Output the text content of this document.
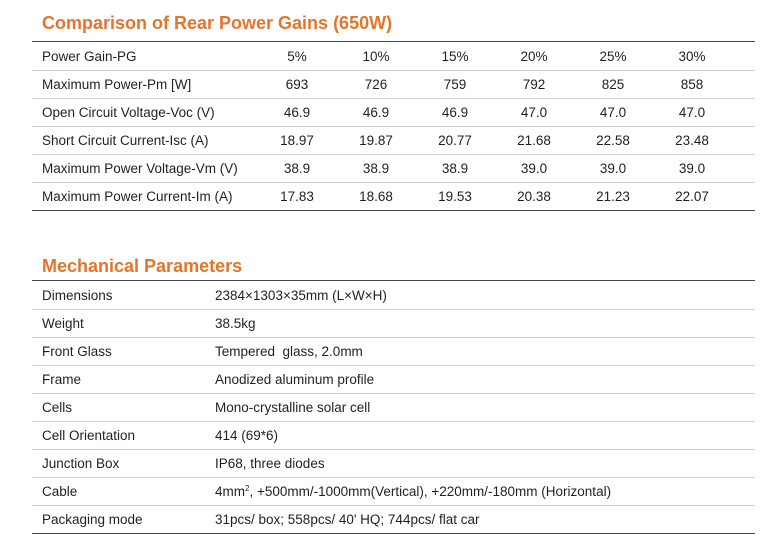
Comparison of Rear Power Gains (650W)
Power Gain-PG	5%	10%	15%	20%	25%	30%
Maximum Power-Pm [W]	693	726	759	792	825	858
Open Circuit Voltage-Voc (V)	46.9	46.9	46.9	47.0	47.0	47.0
Short Circuit Current-Isc (A)	18.97	19.87	20.77	21.68	22.58	23.48
Maximum Power Voltage-Vm (V)	38.9	38.9	38.9	39.0	39.0	39.0
Maximum Power Current-Im (A)	17.83	18.68	19.53	20.38	21.23	22.07
Mechanical Parameters
Dimensions	2384×1303×35mm (L×W×H)
Weight	38.5kg
Front Glass	Tempered  glass, 2.0mm
Frame	Anodized aluminum profile
Cells	Mono-crystalline solar cell
Cell Orientation	414 (69*6)
Junction Box	IP68, three diodes
Cable	$4mm^2$, +500mm/-1000mm(Vertical), +220mm/-180mm (Horizontal)
Packaging mode	31pcs/ box; 558pcs/ 40' HQ; 744pcs/ flat car
